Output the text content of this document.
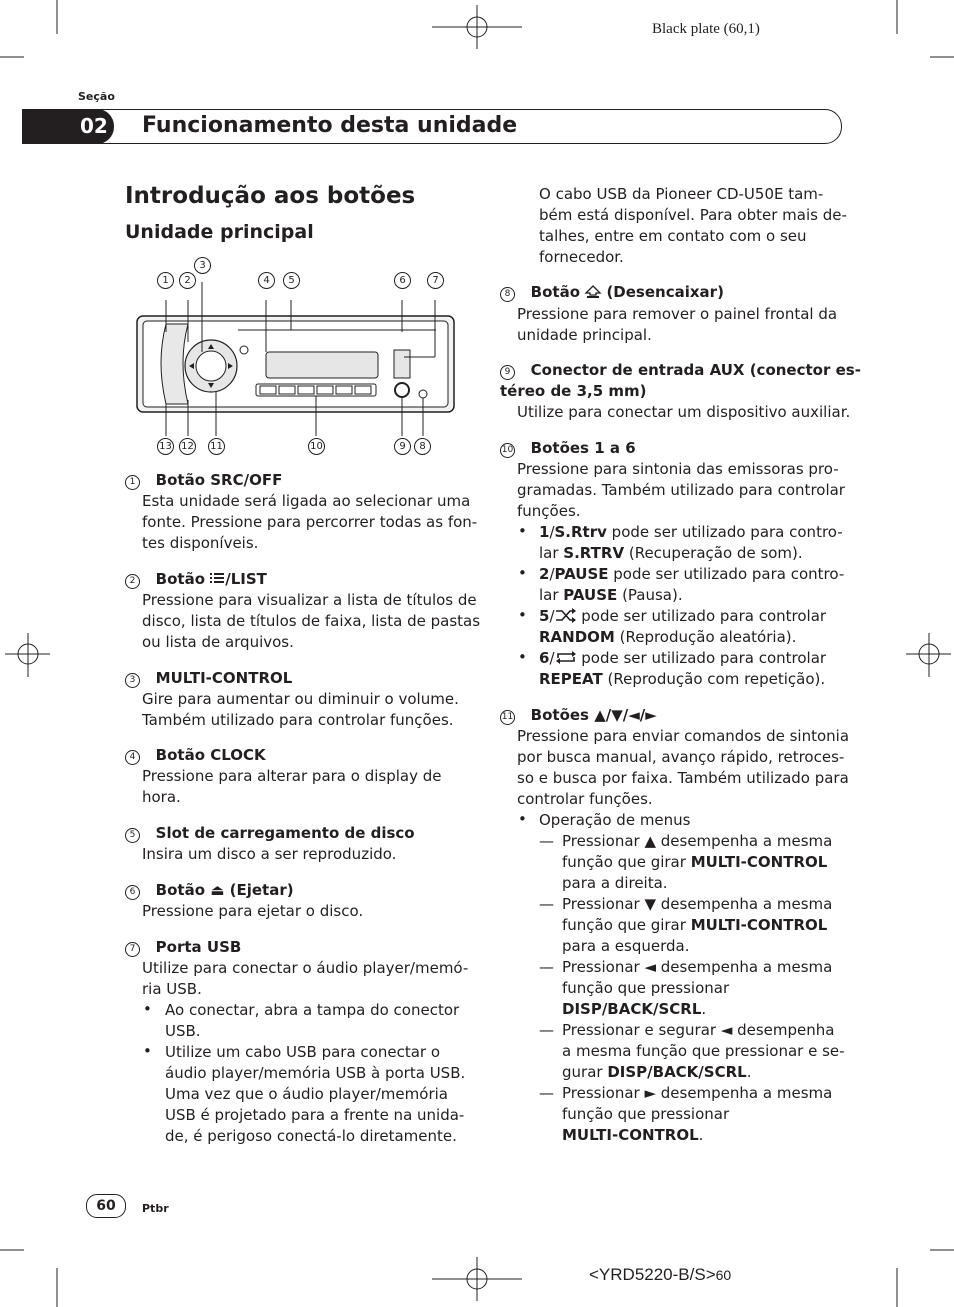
Black plate (60,1)
Seção
02 Funcionamento desta unidade
Introdução aos botões
Unidade principal
1	2
3
4	5	6	7
13 12 11	10	9	8
1 Botão SRC/OFF
Esta unidade será ligada ao selecionar uma
fonte. Pressione para percorrer todas as fon-
tes disponíveis.
2 Botão /LIST
Pressione para visualizar a lista de títulos de
disco, lista de títulos de faixa, lista de pastas
ou lista de arquivos.
3 MULTI-CONTROL
Gire para aumentar ou diminuir o volume.
Também utilizado para controlar funções.
4 Botão CLOCK
Pressione para alterar para o display de
hora.
5 Slot de carregamento de disco
Insira um disco a ser reproduzido.
6 Botão ⏏ (Ejetar)
Pressione para ejetar o disco.
7 Porta USB
Utilize para conectar o áudio player/memó-
ria USB.
• Ao conectar, abra a tampa do conector
USB.
• Utilize um cabo USB para conectar o
áudio player/memória USB à porta USB.
Uma vez que o áudio player/memória
USB é projetado para a frente na unida-
de, é perigoso conectá-lo diretamente.
O cabo USB da Pioneer CD-U50E tam-
bém está disponível. Para obter mais de-
talhes, entre em contato com o seu
fornecedor.
8 Botão  (Desencaixar)
Pressione para remover o painel frontal da
unidade principal.
9 Conector de entrada AUX (conector es-
téreo de 3,5 mm)
Utilize para conectar um dispositivo auxiliar.
10 Botões 1 a 6
Pressione para sintonia das emissoras pro-
gramadas. Também utilizado para controlar
funções.
• 1/S.Rtrv pode ser utilizado para contro-
lar S.RTRV (Recuperação de som).
• 2/PAUSE pode ser utilizado para contro-
lar PAUSE (Pausa).
• 5/ pode ser utilizado para controlar
RANDOM (Reprodução aleatória).
• 6/ pode ser utilizado para controlar
REPEAT (Reprodução com repetição).
11 Botões ▲/▼/◄/►
Pressione para enviar comandos de sintonia
por busca manual, avanço rápido, retroces-
so e busca por faixa. Também utilizado para
controlar funções.
• Operação de menus
— Pressionar ▲ desempenha a mesma
função que girar MULTI-CONTROL
para a direita.
— Pressionar ▼ desempenha a mesma
função que girar MULTI-CONTROL
para a esquerda.
— Pressionar ◄ desempenha a mesma
função que pressionar
DISP/BACK/SCRL.
— Pressionar e segurar ◄ desempenha
a mesma função que pressionar e se-
gurar DISP/BACK/SCRL.
— Pressionar ► desempenha a mesma
função que pressionar
MULTI-CONTROL.
60	Ptbr
<YRD5220-B/S>60
